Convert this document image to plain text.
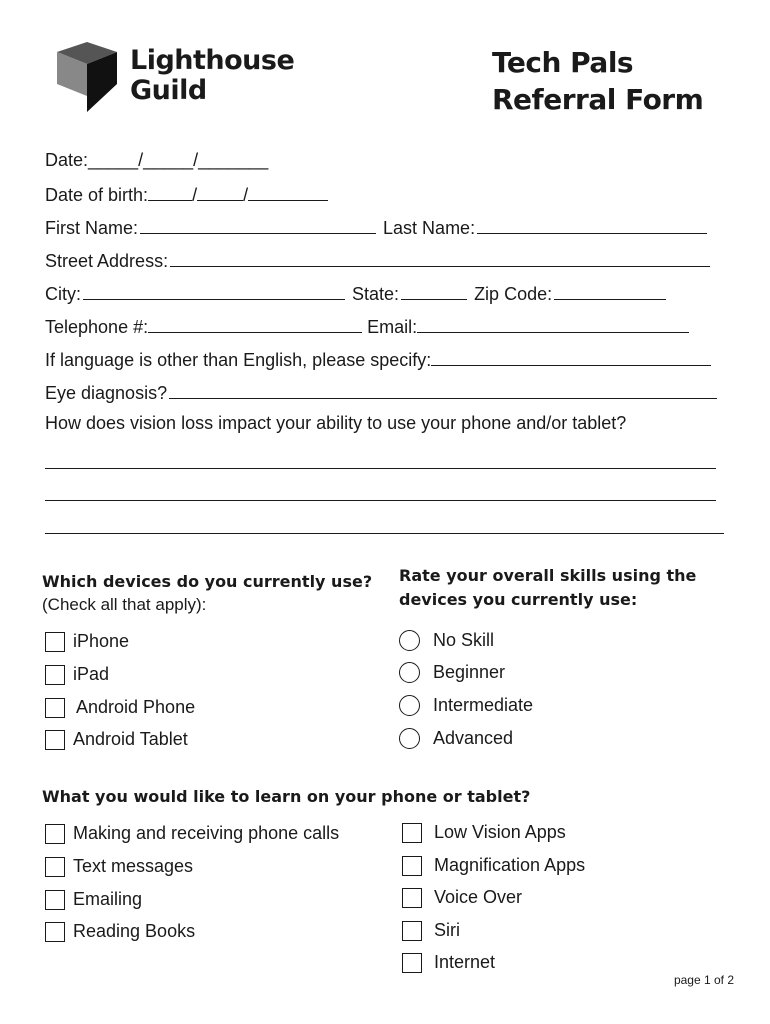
Lighthouse
Guild
Tech Pals
Referral Form
Date:_____/_____/_______
Date of birth: /	/
First Name:	Last Name:
Street Address:
City:	State:	Zip Code:
Telephone #:	Email:
If language is other than English, please specify:
Eye diagnosis?
How does vision loss impact your ability to use your phone and/or tablet?
Which devices do you currently use?
(Check all that apply):
iPhone
iPad
Android Phone
Android Tablet
Rate your overall skills using the
devices you currently use:
No Skill
Beginner
Intermediate
Advanced
What you would like to learn on your phone or tablet?
Making and receiving phone calls
Text messages
Emailing
Reading Books
Low Vision Apps
Magnification Apps
Voice Over
Siri
Internet
page 1 of 2
